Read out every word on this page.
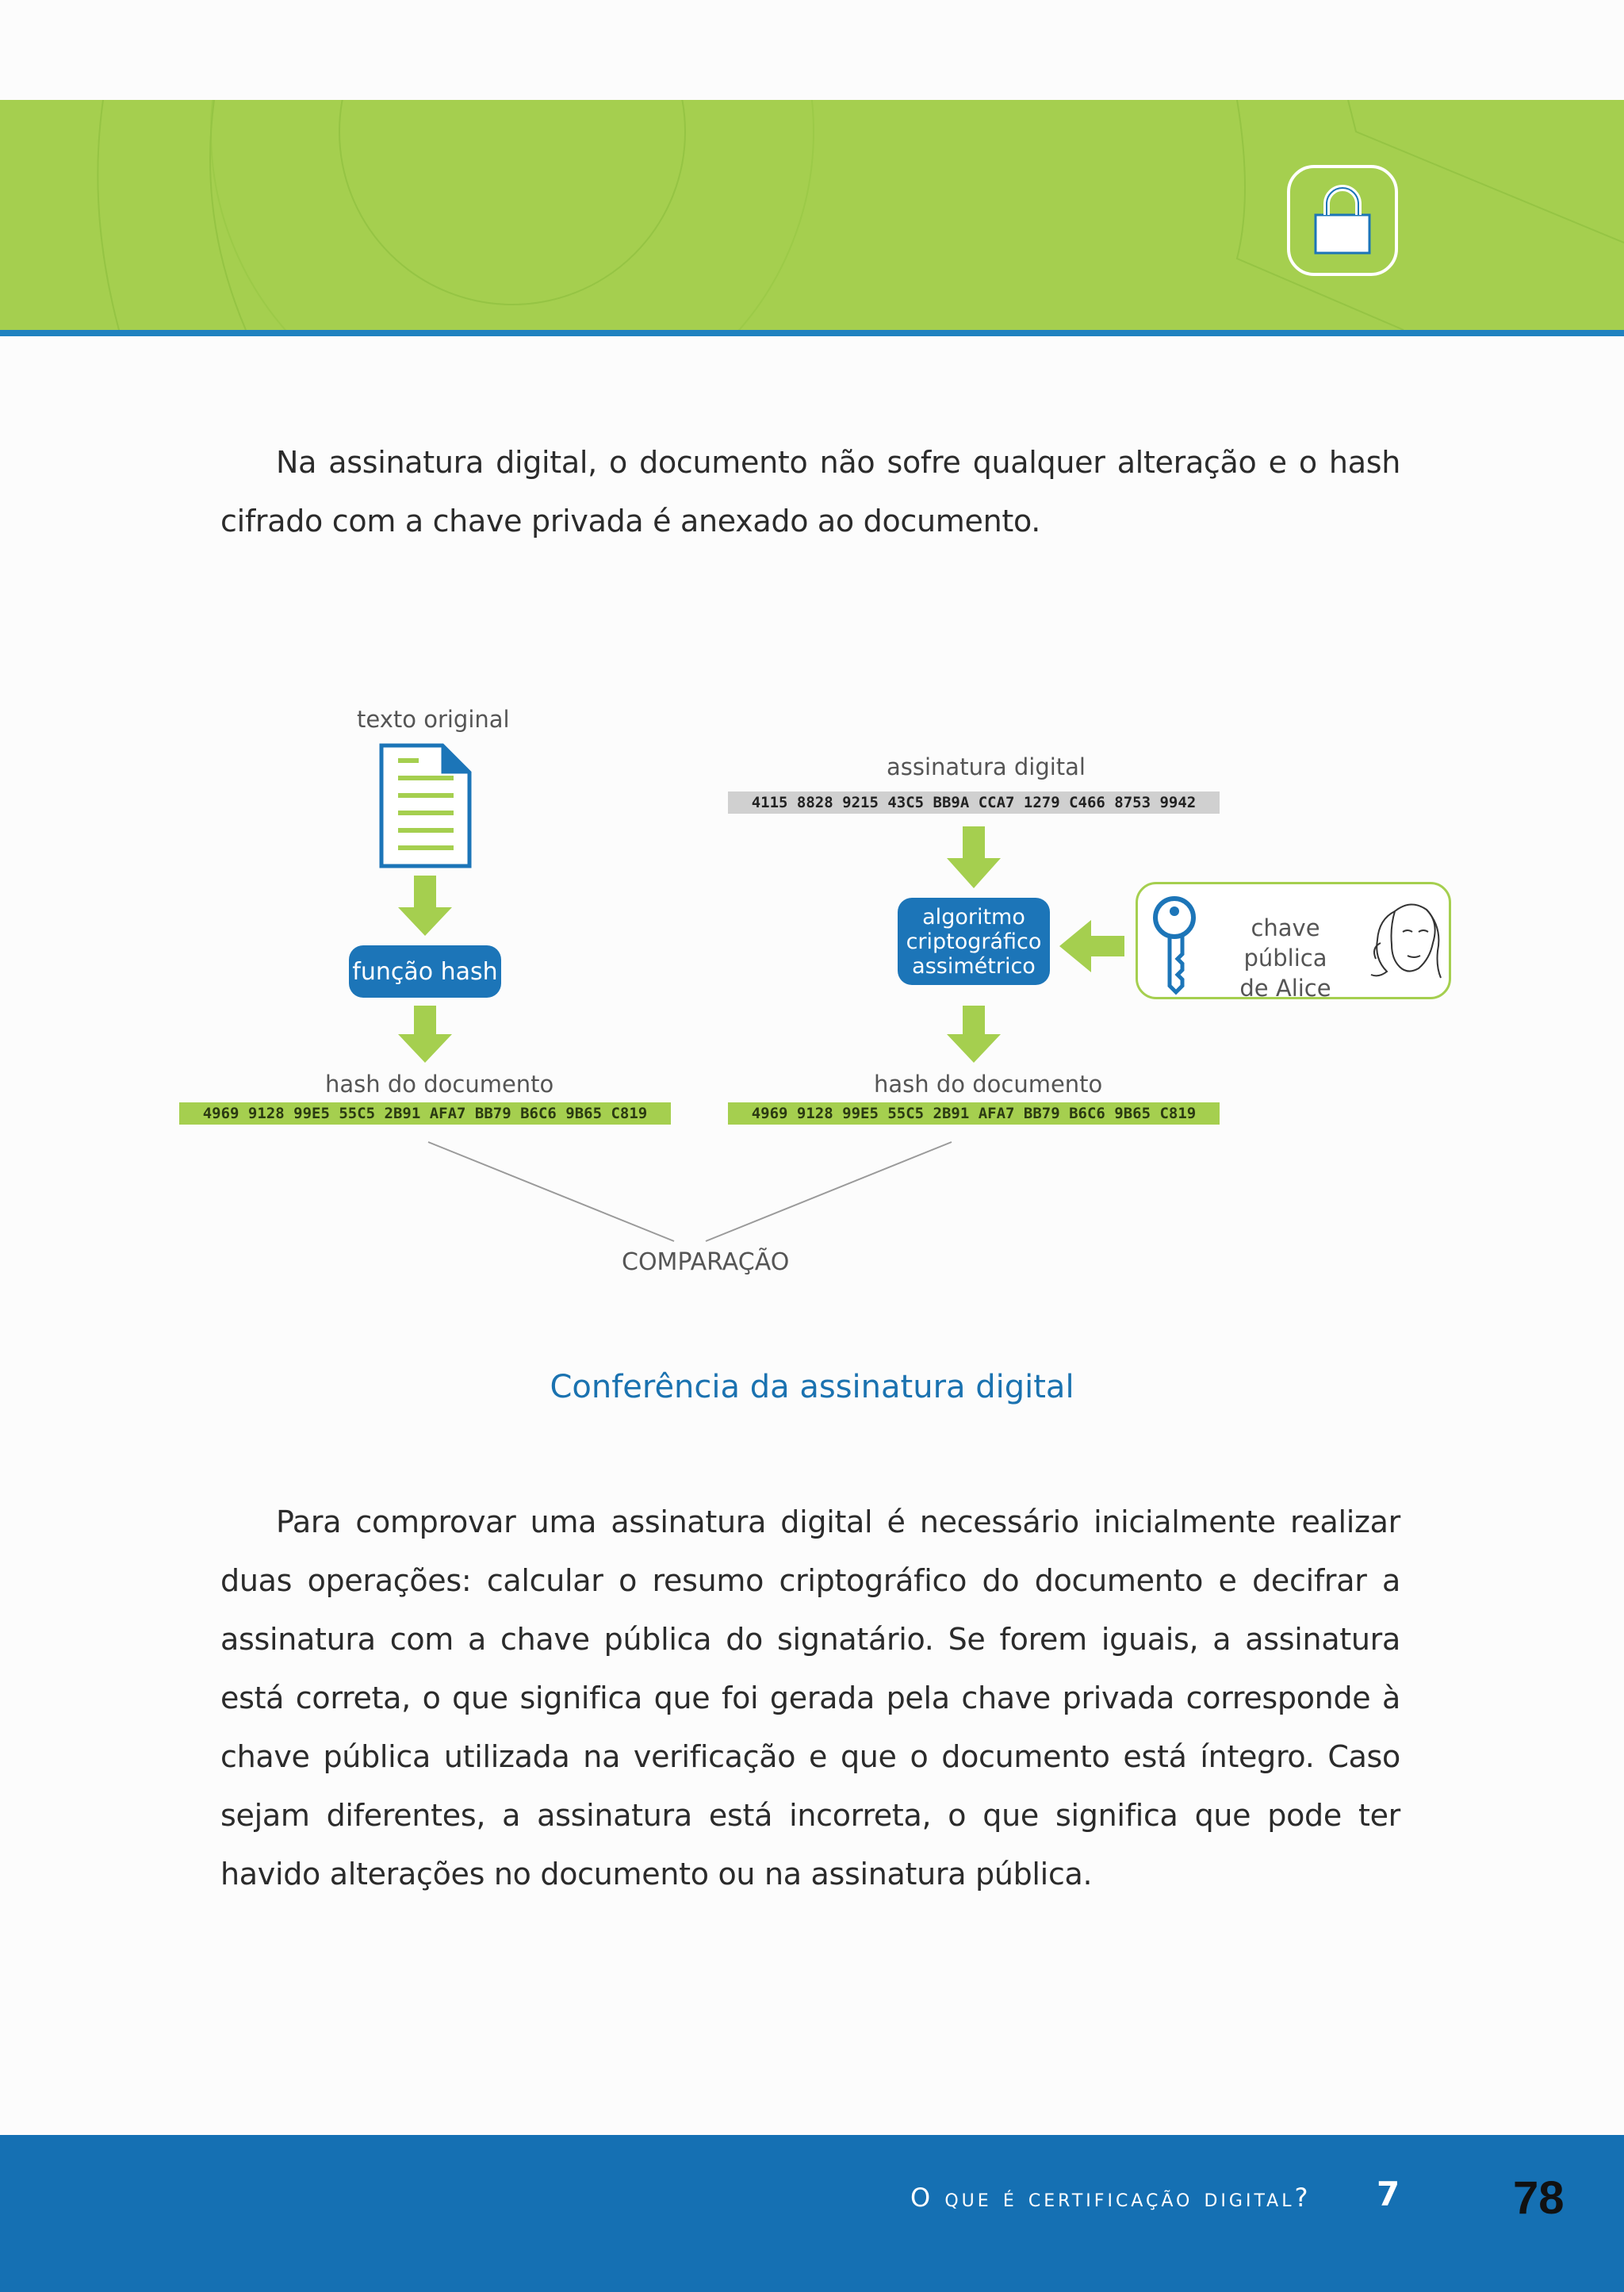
Na assinatura digital, o documento não sofre qualquer alteração e o hash cifrado com a chave privada é anexado ao documento.

texto original
função hash
hash do documento
4969 9128 99E5 55C5 2B91 AFA7 BB79 B6C6 9B65 C819
assinatura digital
4115 8828 9215 43C5 BB9A CCA7 1279 C466 8753 9942
algoritmo
criptográfico
assimétrico
hash do documento
4969 9128 99E5 55C5 2B91 AFA7 BB79 B6C6 9B65 C819
COMPARAÇÃO
chave pública
de Alice
Conferência da assinatura digital

Para comprovar uma assinatura digital é necessário inicialmente realizar duas operações: calcular o resumo criptográfico do documento e decifrar a assinatura com a chave pública do signatário. Se forem iguais, a assinatura está correta, o que significa que foi gerada pela chave privada corresponde à chave pública utilizada na verificação e que o documento está íntegro. Caso sejam diferentes, a assinatura está incorreta, o que significa que pode ter havido alterações no documento ou na assinatura pública.

O que é certificação digital? 7 78
